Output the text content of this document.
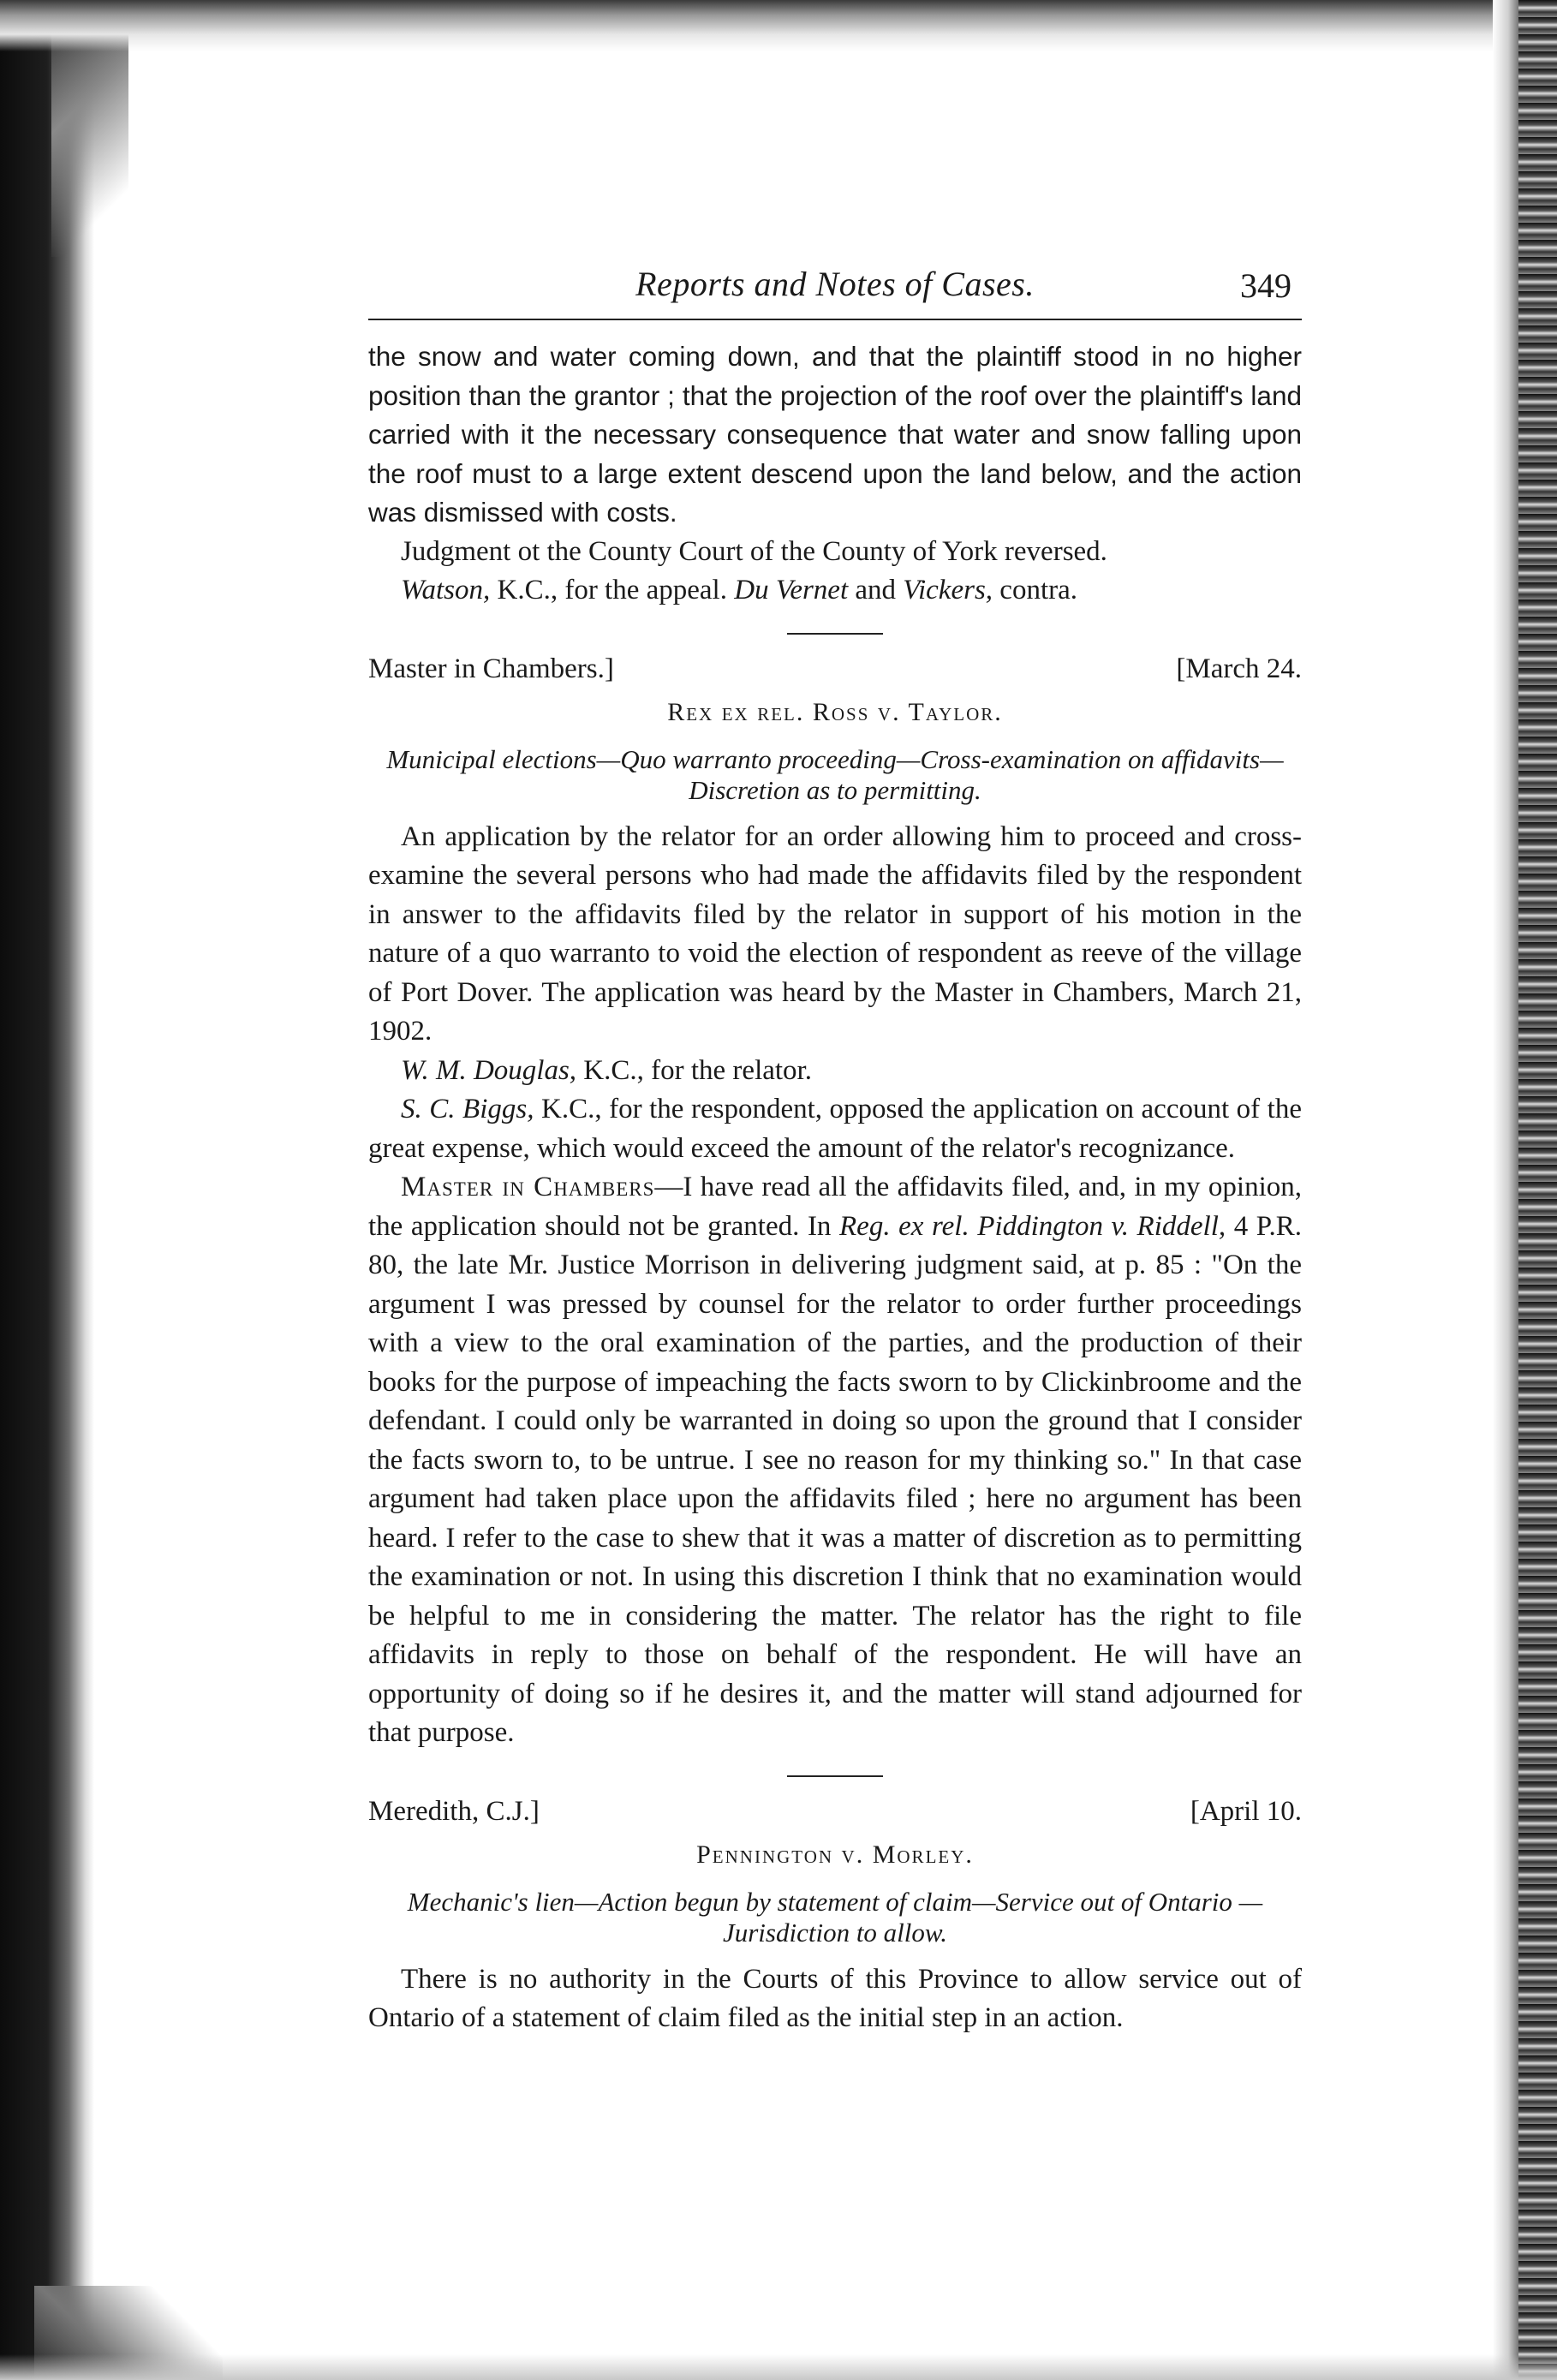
Reports and Notes of Cases.	349

the snow and water coming down, and that the plaintiff stood in no higher position than the grantor ; that the projection of the roof over the plaintiff's land carried with it the necessary consequence that water and snow falling upon the roof must to a large extent descend upon the land below, and the action was dismissed with costs.

Judgment ot the County Court of the County of York reversed.

Watson, K.C., for the appeal. Du Vernet and Vickers, contra.

Master in Chambers.]	[March 24.
Rex ex rel. Ross v. Taylor.
Municipal elections—Quo warranto proceeding—Cross-examination on affidavits—Discretion as to permitting.

An application by the relator for an order allowing him to proceed and cross-examine the several persons who had made the affidavits filed by the respondent in answer to the affidavits filed by the relator in support of his motion in the nature of a quo warranto to void the election of respondent as reeve of the village of Port Dover. The application was heard by the Master in Chambers, March 21, 1902.

W. M. Douglas, K.C., for the relator.

S. C. Biggs, K.C., for the respondent, opposed the application on account of the great expense, which would exceed the amount of the relator's recognizance.

Master in Chambers—I have read all the affidavits filed, and, in my opinion, the application should not be granted. In Reg. ex rel. Piddington v. Riddell, 4 P.R. 80, the late Mr. Justice Morrison in delivering judgment said, at p. 85 : "On the argument I was pressed by counsel for the relator to order further proceedings with a view to the oral examination of the parties, and the production of their books for the purpose of impeaching the facts sworn to by Clickinbroome and the defendant. I could only be warranted in doing so upon the ground that I consider the facts sworn to, to be untrue. I see no reason for my thinking so." In that case argument had taken place upon the affidavits filed ; here no argument has been heard. I refer to the case to shew that it was a matter of discretion as to permitting the examination or not. In using this discretion I think that no examination would be helpful to me in considering the matter. The relator has the right to file affidavits in reply to those on behalf of the respondent. He will have an opportunity of doing so if he desires it, and the matter will stand adjourned for that purpose.

Meredith, C.J.]	[April 10.
Pennington v. Morley.
Mechanic's lien—Action begun by statement of claim—Service out of Ontario —Jurisdiction to allow.

There is no authority in the Courts of this Province to allow service out of Ontario of a statement of claim filed as the initial step in an action.
